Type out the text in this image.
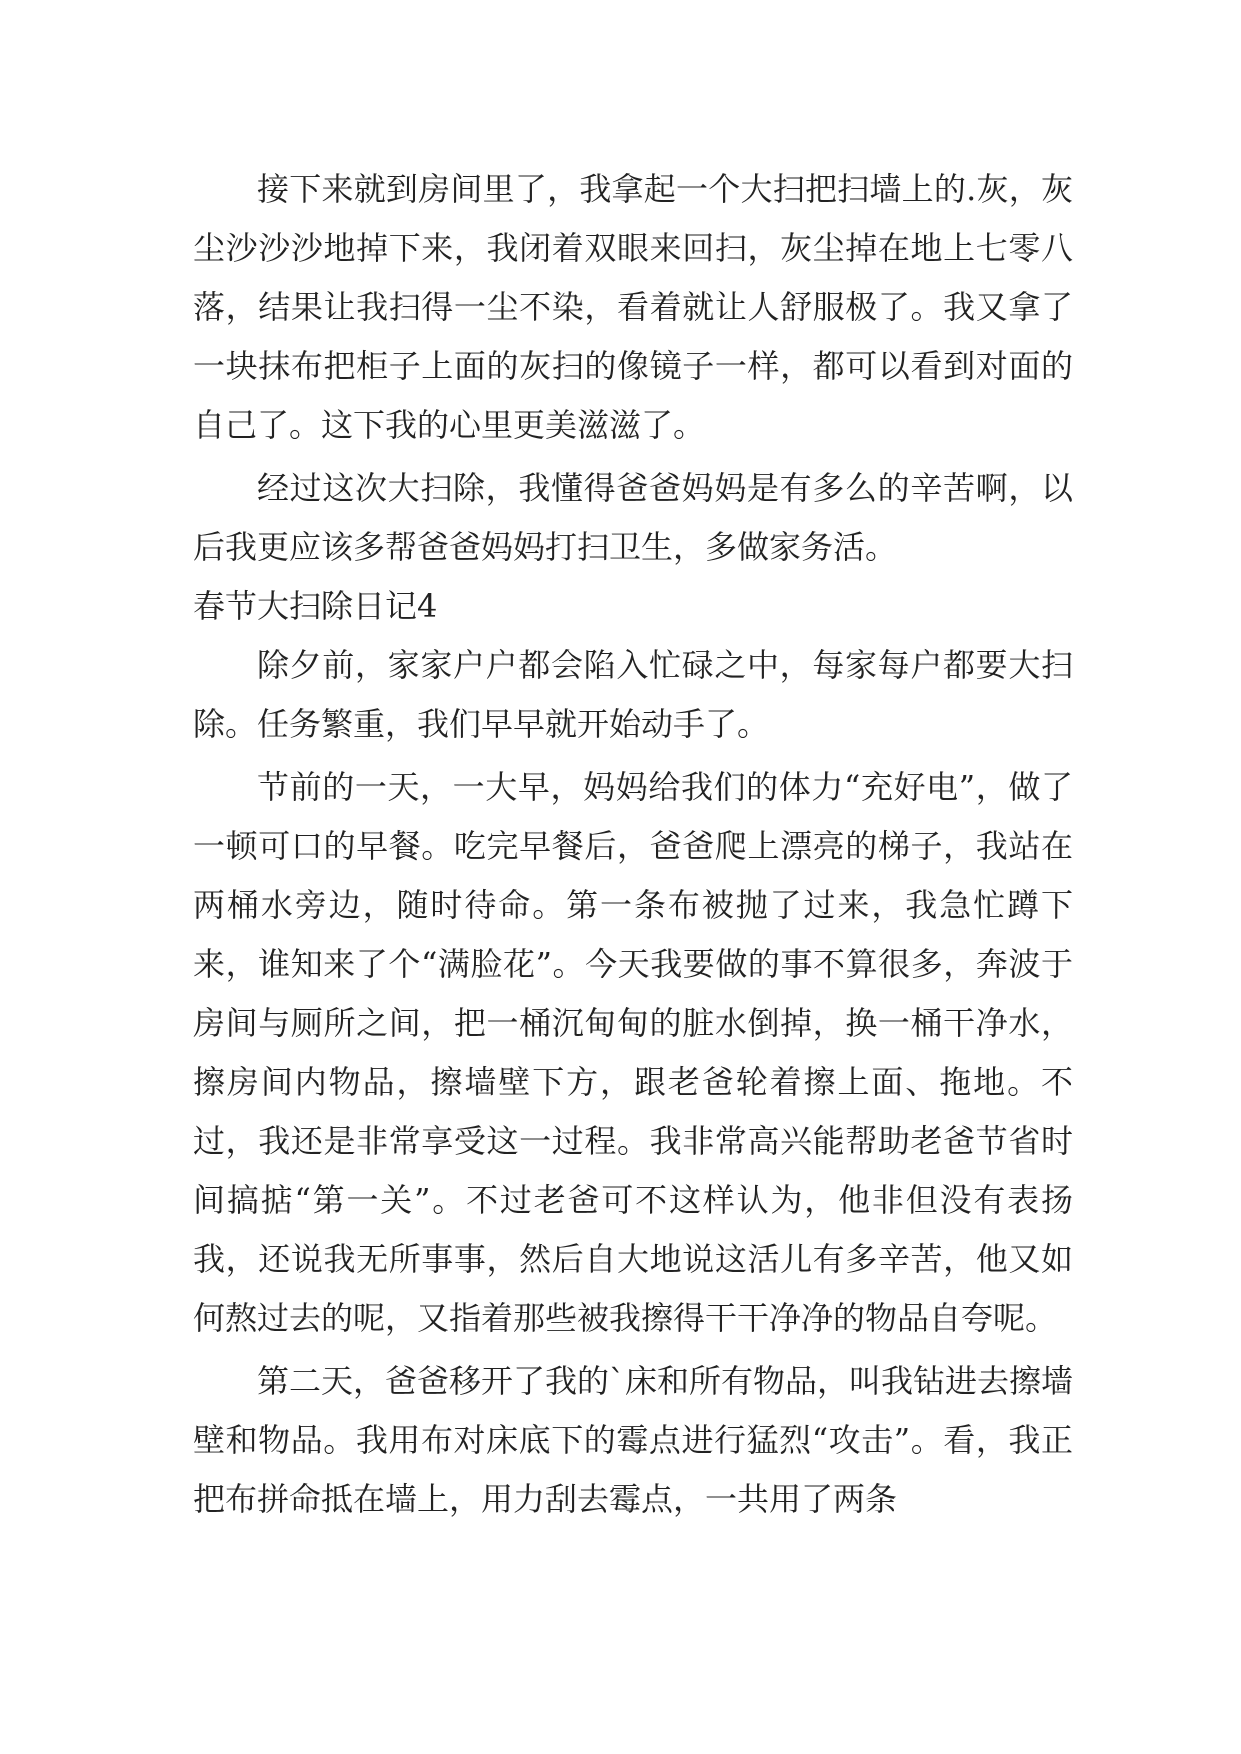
接下来就到房间里了，我拿起一个大扫把扫墙上的.灰，灰尘沙沙沙地掉下来，我闭着双眼来回扫，灰尘掉在地上七零八落，结果让我扫得一尘不染，看着就让人舒服极了。我又拿了一块抹布把柜子上面的灰扫的像镜子一样，都可以看到对面的自己了。这下我的心里更美滋滋了。

经过这次大扫除，我懂得爸爸妈妈是有多么的辛苦啊，以后我更应该多帮爸爸妈妈打扫卫生，多做家务活。

春节大扫除日记4

除夕前，家家户户都会陷入忙碌之中，每家每户都要大扫除。任务繁重，我们早早就开始动手了。

节前的一天，一大早，妈妈给我们的体力“充好电”，做了一顿可口的早餐。吃完早餐后，爸爸爬上漂亮的梯子，我站在两桶水旁边，随时待命。第一条布被抛了过来，我急忙蹲下来，谁知来了个“满脸花”。今天我要做的事不算很多，奔波于房间与厕所之间，把一桶沉甸甸的脏水倒掉，换一桶干净水，擦房间内物品，擦墙壁下方，跟老爸轮着擦上面、拖地。不过，我还是非常享受这一过程。我非常高兴能帮助老爸节省时间搞掂“第一关”。不过老爸可不这样认为，他非但没有表扬我，还说我无所事事，然后自大地说这活儿有多辛苦，他又如何熬过去的呢，又指着那些被我擦得干干净净的物品自夸呢。

第二天，爸爸移开了我的`床和所有物品，叫我钻进去擦墙壁和物品。我用布对床底下的霉点进行猛烈“攻击”。看，我正把布拼命抵在墙上，用力刮去霉点，一共用了两条
